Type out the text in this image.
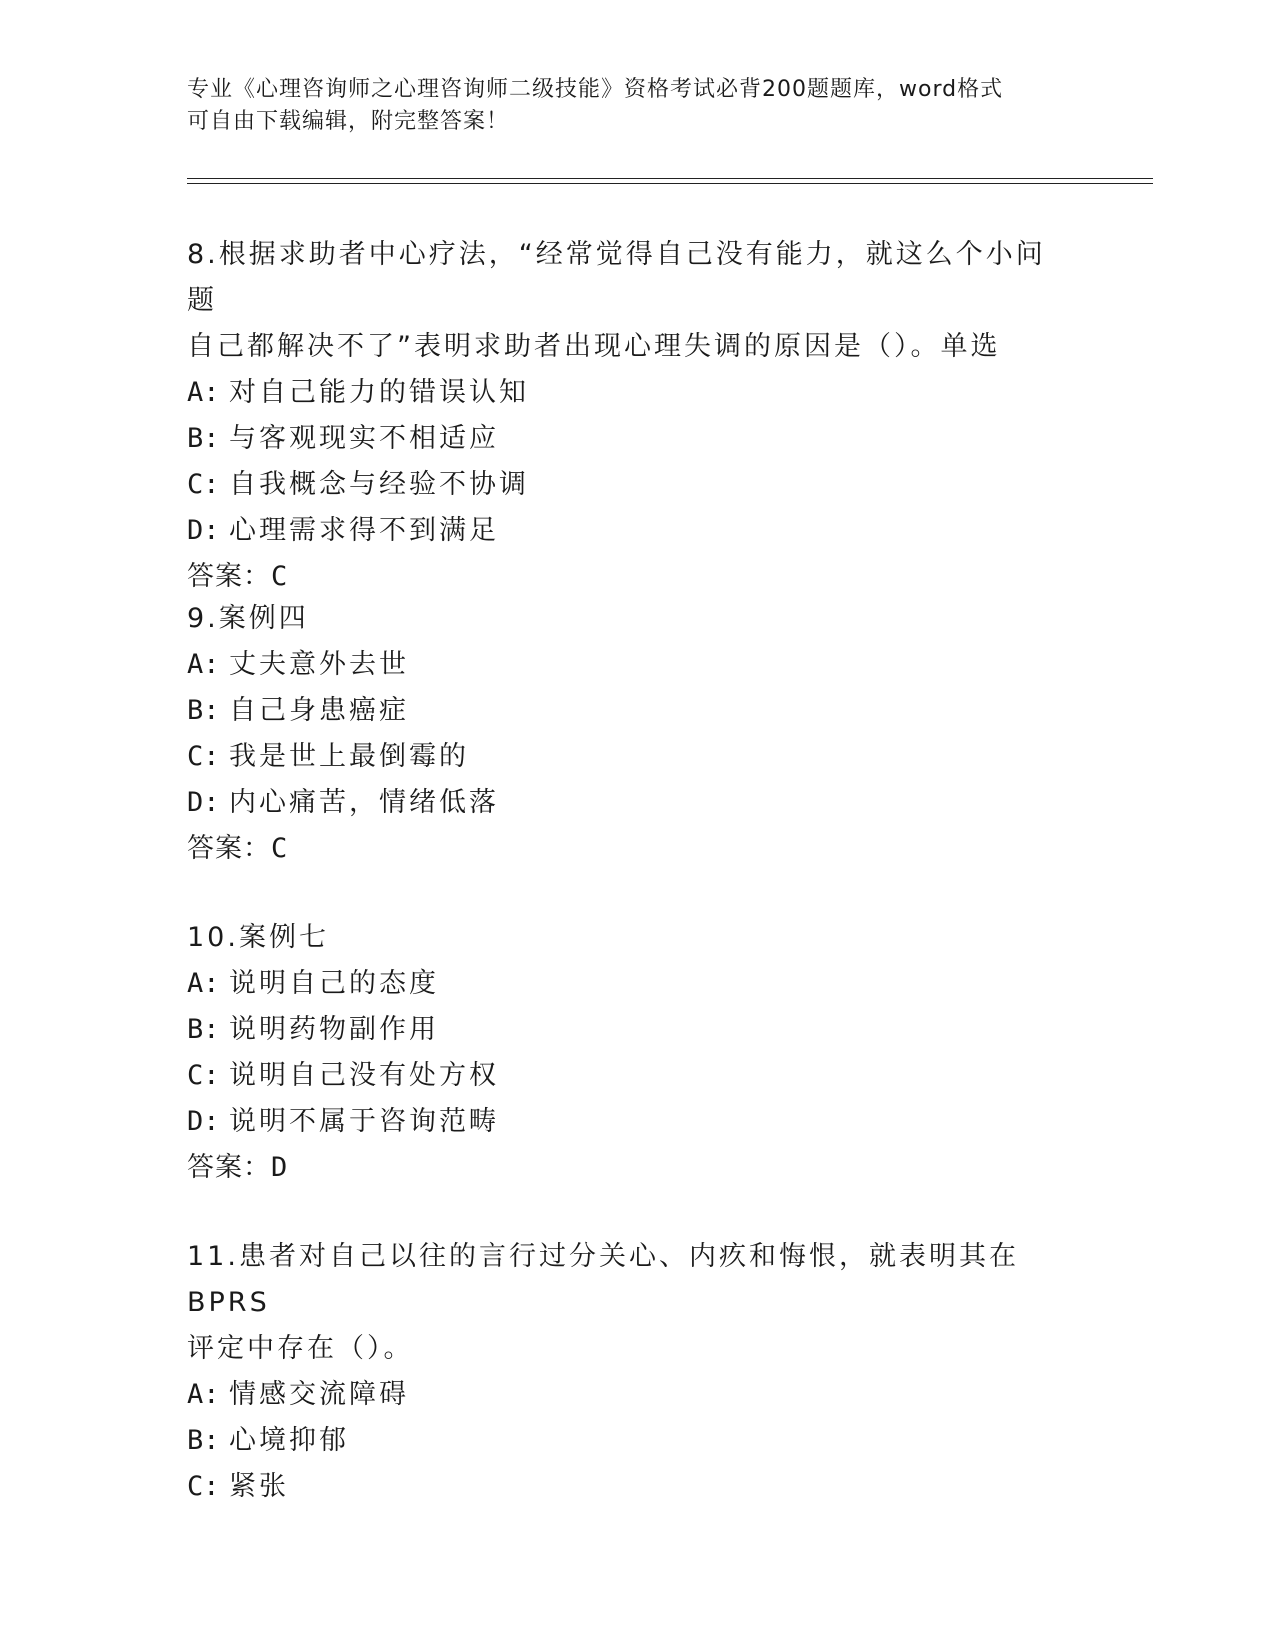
专业《心理咨询师之心理咨询师二级技能》资格考试必背200题题库，word格式
可自由下载编辑，附完整答案！

8.根据求助者中心疗法，“经常觉得自己没有能力，就这么个小问题

自己都解决不了”表明求助者出现心理失调的原因是（）。单选

A: 对自己能力的错误认知

B: 与客观现实不相适应

C: 自我概念与经验不协调

D: 心理需求得不到满足

答案：C

9.案例四

A: 丈夫意外去世

B: 自己身患癌症

C: 我是世上最倒霉的

D: 内心痛苦，情绪低落

答案：C

10.案例七

A: 说明自己的态度

B: 说明药物副作用

C: 说明自己没有处方权

D: 说明不属于咨询范畴

答案：D

11.患者对自己以往的言行过分关心、内疚和悔恨，就表明其在BPRS

评定中存在（）。

A: 情感交流障碍

B: 心境抑郁

C: 紧张
